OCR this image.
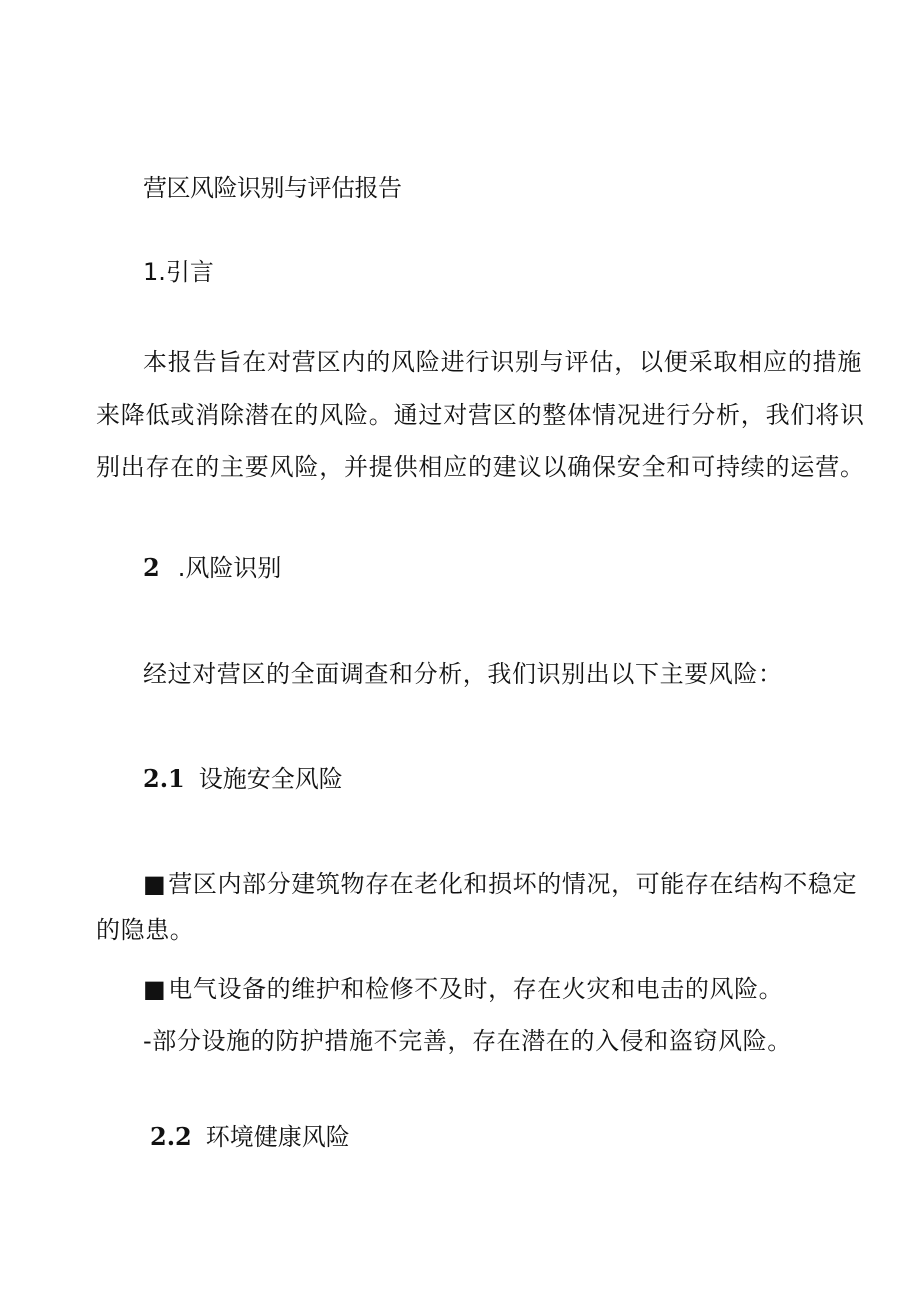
营区风险识别与评估报告
1.引言
本报告旨在对营区内的风险进行识别与评估，以便采取相应的措施
来降低或消除潜在的风险。通过对营区的整体情况进行分析，我们将识
别出存在的主要风险，并提供相应的建议以确保安全和可持续的运营。
2 .风险识别
经过对营区的全面调查和分析，我们识别出以下主要风险：
2.1 设施安全风险
■营区内部分建筑物存在老化和损坏的情况，可能存在结构不稳定
的隐患。
■电气设备的维护和检修不及时，存在火灾和电击的风险。
-部分设施的防护措施不完善，存在潜在的入侵和盗窃风险。
2.2 环境健康风险
